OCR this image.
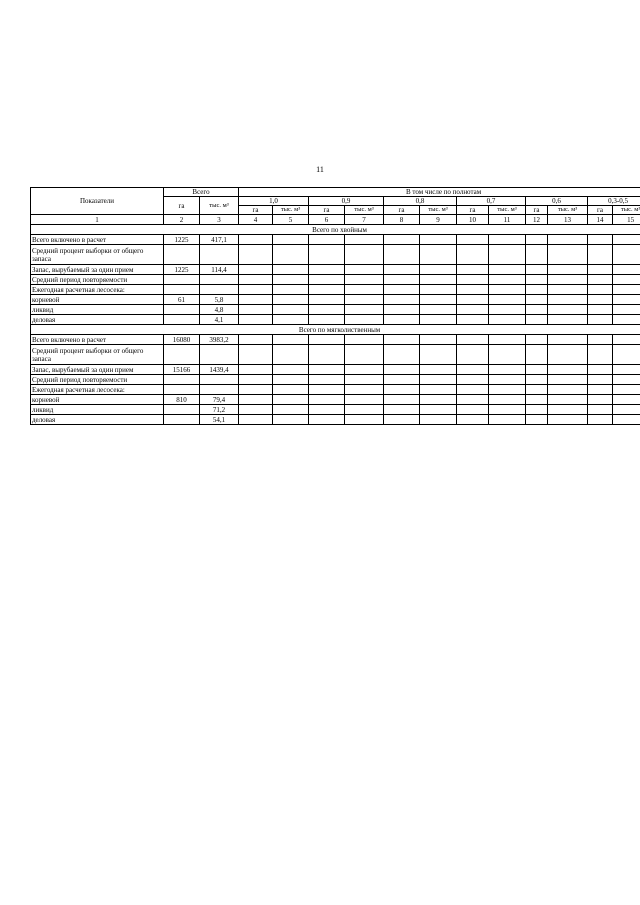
11
Показатели	Всего		В том числе по полнотам											
	га	тыс. м³	1,0		0,9		0,8		0,7		0,6		0,3-0,5	
			га	тыс. м³	га	тыс. м³	га	тыс. м³	га	тыс. м³	га	тыс. м³	га	тыс. м³
1	2	3	4	5	6	7	8	9	10	11	12	13	14	15
Всего по хвойным														
Всего включено в расчет	1225	417,1												
Средний процент выборки от общего запаса														
Запас, вырубаемый за один прием	1225	114,4												
Средний период повторяемости														
Ежегодная расчетная лесосека:														
корневой	61	5,8												
ликвид		4,8												
деловая		4,1												
Всего по мягколиственным														
Всего включено в расчет	16080	3983,2												
Средний процент выборки от общего запаса														
Запас, вырубаемый за один прием	15166	1439,4												
Средний период повторяемости														
Ежегодная расчетная лесосека:														
корневой	810	79,4												
ликвид		71,2												
деловая		54,1												
